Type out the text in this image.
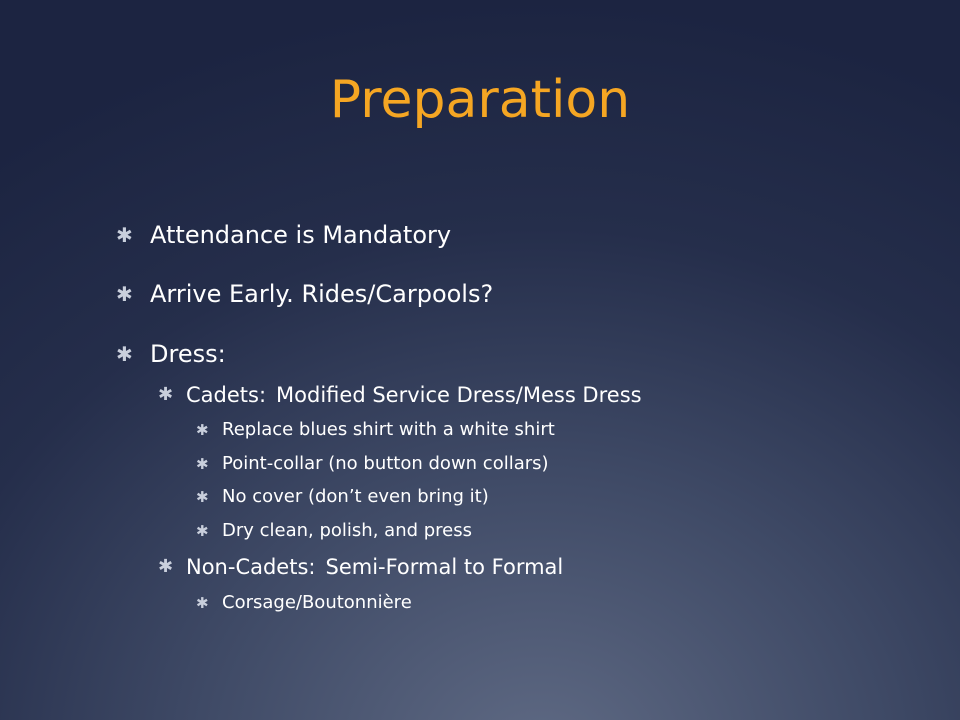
Preparation
✱ Attendance is Mandatory
✱ Arrive Early. Rides/Carpools?
✱ Dress:
✱ Cadets: Modified Service Dress/Mess Dress
✱ Replace blues shirt with a white shirt
✱ Point-collar (no button down collars)
✱ No cover (don’t even bring it)
✱ Dry clean, polish, and press
✱ Non-Cadets: Semi-Formal to Formal
✱ Corsage/Boutonnière
